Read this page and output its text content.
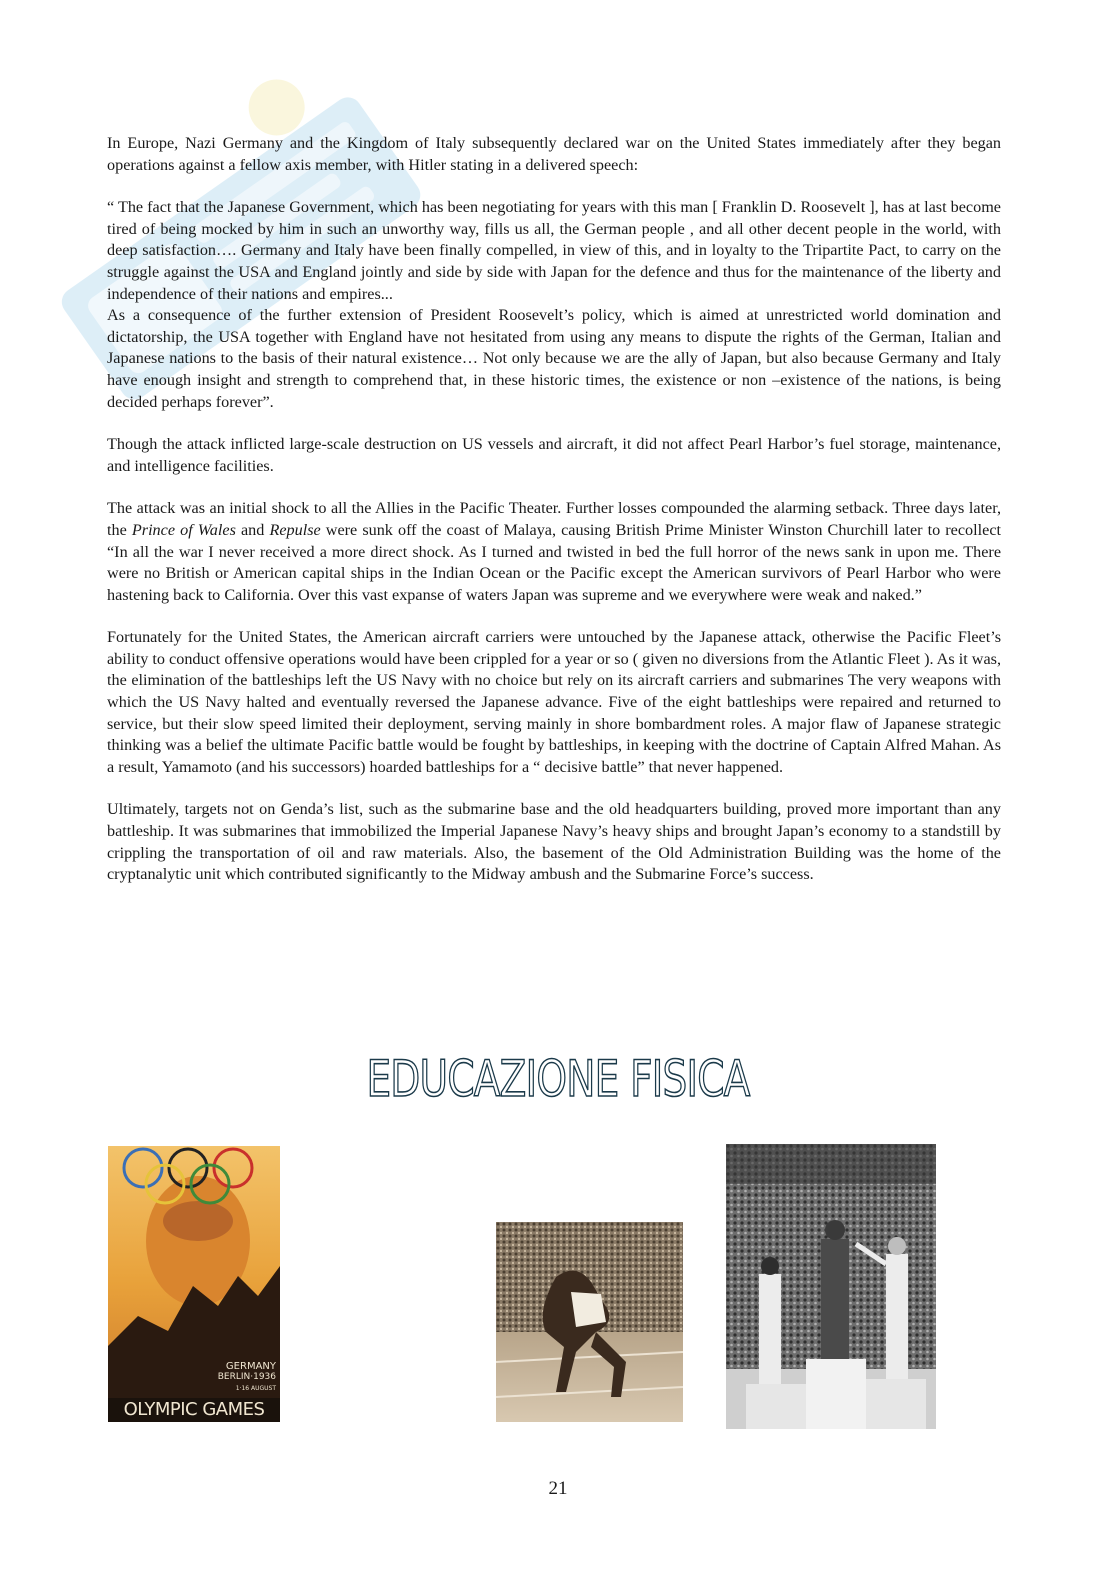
In Europe, Nazi Germany and the Kingdom of Italy subsequently declared war on the United States immediately after they began operations against a fellow axis member, with Hitler stating in a delivered speech:

“ The fact that the Japanese Government, which has been negotiating for years with this man [ Franklin D. Roosevelt ], has at last become tired of being mocked by him in such an unworthy way, fills us all, the German people , and all other decent people in the world, with deep satisfaction…. Germany and Italy have been finally compelled, in view of this, and in loyalty to the Tripartite Pact, to carry on the struggle against the USA and England jointly and side by side with Japan for the defence and thus for the maintenance of the liberty and independence of their nations and empires...

As a consequence of the further extension of President Roosevelt’s policy, which is aimed at unrestricted world domination and dictatorship, the USA together with England have not hesitated from using any means to dispute the rights of the German, Italian and Japanese nations to the basis of their natural existence… Not only because we are the ally of Japan, but also because Germany and Italy have enough insight and strength to comprehend that, in these historic times, the existence or non –existence of the nations, is being decided perhaps forever”.

Though the attack inflicted large-scale destruction on US vessels and aircraft, it did not affect Pearl Harbor’s fuel storage, maintenance, and intelligence facilities.

The attack was an initial shock to all the Allies in the Pacific Theater. Further losses compounded the alarming setback. Three days later, the Prince of Wales and Repulse were sunk off the coast of Malaya, causing British Prime Minister Winston Churchill later to recollect “In all the war I never received a more direct shock. As I turned and twisted in bed the full horror of the news sank in upon me. There were no British or American capital ships in the Indian Ocean or the Pacific except the American survivors of Pearl Harbor who were hastening back to California. Over this vast expanse of waters Japan was supreme and we everywhere were weak and naked.”

Fortunately for the United States, the American aircraft carriers were untouched by the Japanese attack, otherwise the Pacific Fleet’s ability to conduct offensive operations would have been crippled for a year or so ( given no diversions from the Atlantic Fleet ). As it was, the elimination of the battleships left the US Navy with no choice but rely on its aircraft carriers and submarines The very weapons with which the US Navy halted and eventually reversed the Japanese advance. Five of the eight battleships were repaired and returned to service, but their slow speed limited their deployment, serving mainly in shore bombardment roles. A major flaw of Japanese strategic thinking was a belief the ultimate Pacific battle would be fought by battleships, in keeping with the doctrine of Captain Alfred Mahan. As a result, Yamamoto (and his successors) hoarded battleships for a “ decisive battle” that never happened.

Ultimately, targets not on Genda’s list, such as the submarine base and the old headquarters building, proved more important than any battleship. It was submarines that immobilized the Imperial Japanese Navy’s heavy ships and brought Japan’s economy to a standstill by crippling the transportation of oil and raw materials. Also, the basement of the Old Administration Building was the home of the cryptanalytic unit which contributed significantly to the Midway ambush and the Submarine Force’s success.

EDUCAZIONE FISICA
GERMANY
BERLIN·1936
1·16 AUGUST
OLYMPIC GAMES
21
